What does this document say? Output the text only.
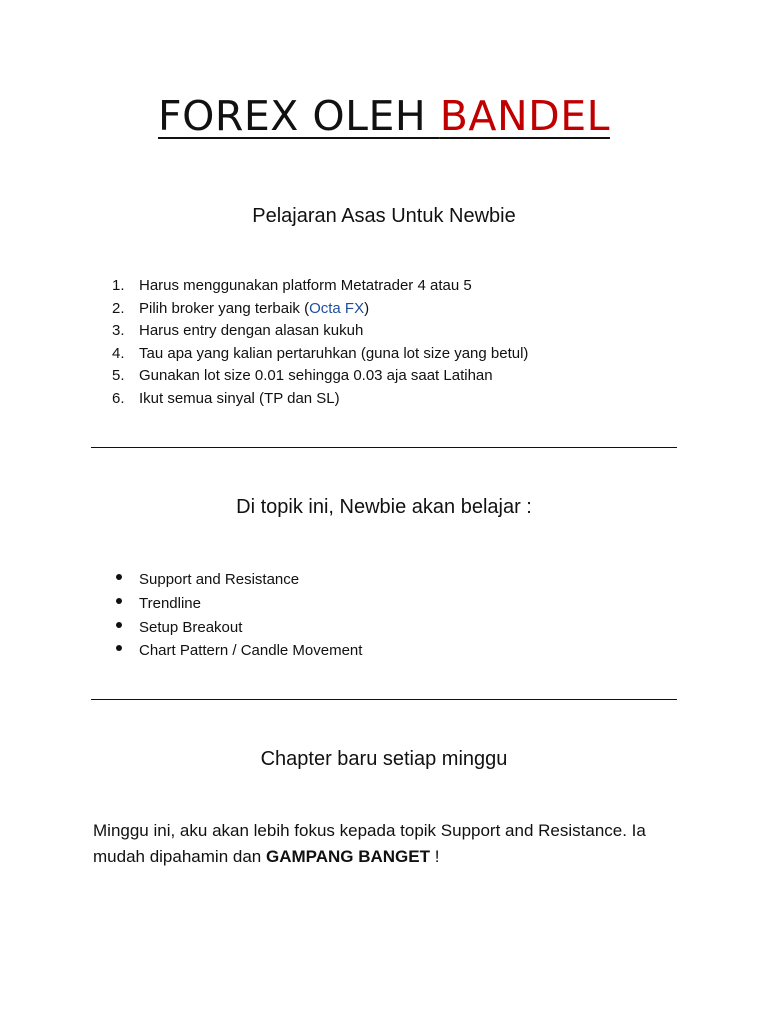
FOREX OLEH BANDEL
Pelajaran Asas Untuk Newbie
1. Harus menggunakan platform Metatrader 4 atau 5
2. Pilih broker yang terbaik (Octa FX)
3. Harus entry dengan alasan kukuh
4. Tau apa yang kalian pertaruhkan (guna lot size yang betul)
5. Gunakan lot size 0.01 sehingga 0.03 aja saat Latihan
6. Ikut semua sinyal (TP dan SL)
Di topik ini, Newbie akan belajar :
Support and Resistance
Trendline
Setup Breakout
Chart Pattern / Candle Movement
Chapter baru setiap minggu

Minggu ini, aku akan lebih fokus kepada topik Support and Resistance. Ia mudah dipahamin dan GAMPANG BANGET !
